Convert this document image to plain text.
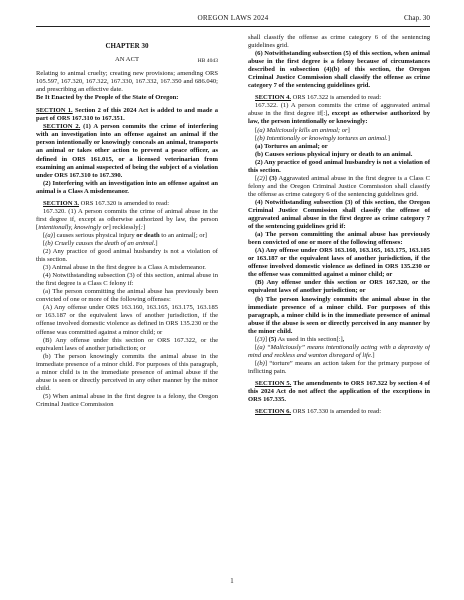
OREGON LAWS 2024	Chap. 30
CHAPTER 30
AN ACT	HB 4043

Relating to animal cruelty; creating new provisions; amending ORS 105.597, 167.320, 167.322, 167.330, 167.332, 167.350 and 686.040; and prescribing an effective date.

Be It Enacted by the People of the State of Oregon:

SECTION 1. Section 2 of this 2024 Act is added to and made a part of ORS 167.310 to 167.351.

SECTION 2. (1) A person commits the crime of interfering with an investigation into an offense against an animal if the person intentionally or knowingly conceals an animal, transports an animal or takes other action to prevent a peace officer, as defined in ORS 161.015, or a licensed veterinarian from examining an animal suspected of being the subject of a violation under ORS 167.310 to 167.390.

(2) Interfering with an investigation into an offense against an animal is a Class A misdemeanor.

SECTION 3. ORS 167.320 is amended to read:

167.320. (1) A person commits the crime of animal abuse in the first degree if, except as otherwise authorized by law, the person [intentionally, knowingly or] recklessly[:]

[(a)] causes serious physical injury or death to an animal[; or]

[(b) Cruelly causes the death of an animal.]

(2) Any practice of good animal husbandry is not a violation of this section.

(3) Animal abuse in the first degree is a Class A misdemeanor.

(4) Notwithstanding subsection (3) of this section, animal abuse in the first degree is a Class C felony if:

(a) The person committing the animal abuse has previously been convicted of one or more of the following offenses:

(A) Any offense under ORS 163.160, 163.165, 163.175, 163.185 or 163.187 or the equivalent laws of another jurisdiction, if the offense involved domestic violence as defined in ORS 135.230 or the offense was committed against a minor child; or

(B) Any offense under this section or ORS 167.322, or the equivalent laws of another jurisdiction; or

(b) The person knowingly commits the animal abuse in the immediate presence of a minor child. For purposes of this paragraph, a minor child is in the immediate presence of animal abuse if the abuse is seen or directly perceived in any other manner by the minor child.

(5) When animal abuse in the first degree is a felony, the Oregon Criminal Justice Commission

shall classify the offense as crime category 6 of the sentencing guidelines grid.

(6) Notwithstanding subsection (5) of this section, when animal abuse in the first degree is a felony because of circumstances described in subsection (4)(b) of this section, the Oregon Criminal Justice Commission shall classify the offense as crime category 7 of the sentencing guidelines grid.

SECTION 4. ORS 167.322 is amended to read:

167.322. (1) A person commits the crime of aggravated animal abuse in the first degree if[:], except as otherwise authorized by law, the person intentionally or knowingly:

[(a) Maliciously kills an animal; or]

[(b) Intentionally or knowingly tortures an animal.]

(a) Tortures an animal; or

(b) Causes serious physical injury or death to an animal.

(2) Any practice of good animal husbandry is not a violation of this section.

[(2)] (3) Aggravated animal abuse in the first degree is a Class C felony and the Oregon Criminal Justice Commission shall classify the offense as crime category 6 of the sentencing guidelines grid.

(4) Notwithstanding subsection (3) of this section, the Oregon Criminal Justice Commission shall classify the offense of aggravated animal abuse in the first degree as crime category 7 of the sentencing guidelines grid if:

(a) The person committing the animal abuse has previously been convicted of one or more of the following offenses:

(A) Any offense under ORS 163.160, 163.165, 163.175, 163.185 or 163.187 or the equivalent laws of another jurisdiction, if the offense involved domestic violence as defined in ORS 135.230 or the offense was committed against a minor child; or

(B) Any offense under this section or ORS 167.320, or the equivalent laws of another jurisdiction; or

(b) The person knowingly commits the animal abuse in the immediate presence of a minor child. For purposes of this paragraph, a minor child is in the immediate presence of animal abuse if the abuse is seen or directly perceived in any manner by the minor child.

[(3)] (5) As used in this section[:],

[(a) “Maliciously” means intentionally acting with a depravity of mind and reckless and wanton disregard of life.]

[(b)] “torture” means an action taken for the primary purpose of inflicting pain.

SECTION 5. The amendments to ORS 167.322 by section 4 of this 2024 Act do not affect the application of the exceptions in ORS 167.335.

SECTION 6. ORS 167.330 is amended to read:

1
